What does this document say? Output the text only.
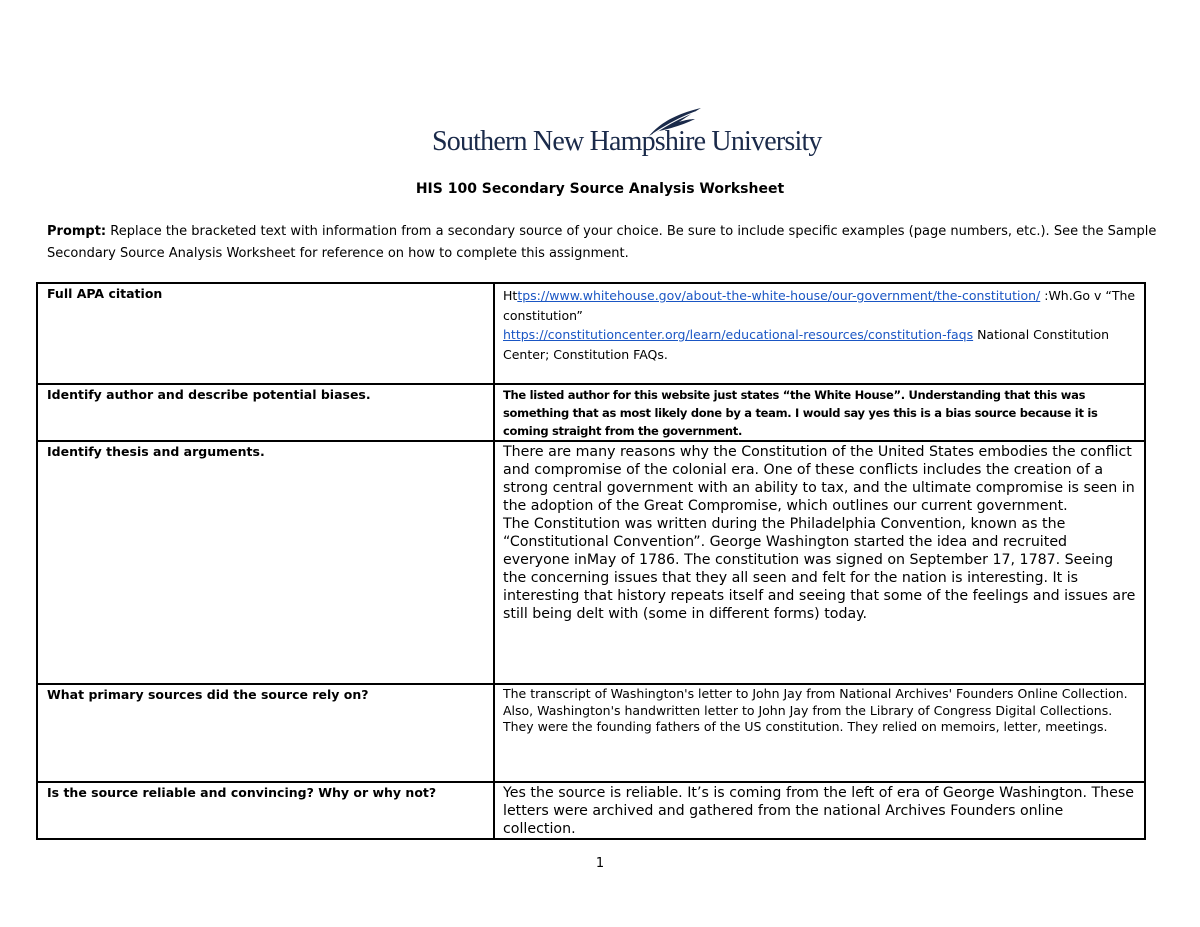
Southern New Hampshire University
HIS 100 Secondary Source Analysis Worksheet
Prompt: Replace the bracketed text with information from a secondary source of your choice. Be sure to include specific examples (page numbers, etc.). See the Sample Secondary Source Analysis Worksheet for reference on how to complete this assignment.
Full APA citation	Https://www.whitehouse.gov/about-the-white-house/our-government/the-constitution/ :Wh.Go v “The constitution”
https://constitutioncenter.org/learn/educational-resources/constitution-faqs National Constitution Center; Constitution FAQs.

Identify author and describe potential biases.	The listed author for this website just states “the White House”. Understanding that this was something that as most likely done by a team. I would say yes this is a bias source because it is coming straight from the government.

Identify thesis and arguments.	There are many reasons why the Constitution of the United States embodies the conflict and compromise of the colonial era. One of these conflicts includes the creation of a strong central government with an ability to tax, and the ultimate compromise is seen in the adoption of the Great Compromise, which outlines our current government.

The Constitution was written during the Philadelphia Convention, known as the “Constitutional Convention”. George Washington started the idea and recruited everyone inMay of 1786. The constitution was signed on September 17, 1787. Seeing the concerning issues that they all seen and felt for the nation is interesting. It is interesting that history repeats itself and seeing that some of the feelings and issues are still being delt with (some in different forms) today.

What primary sources did the source rely on?	The transcript of Washington's letter to John Jay from National Archives' Founders Online Collection.

Also, Washington's handwritten letter to John Jay from the Library of Congress Digital Collections.

They were the founding fathers of the US constitution. They relied on memoirs, letter, meetings.

Is the source reliable and convincing? Why or why not?	Yes the source is reliable. It’s is coming from the left of era of George Washington. These letters were archived and gathered from the national Archives Founders online collection.
1
